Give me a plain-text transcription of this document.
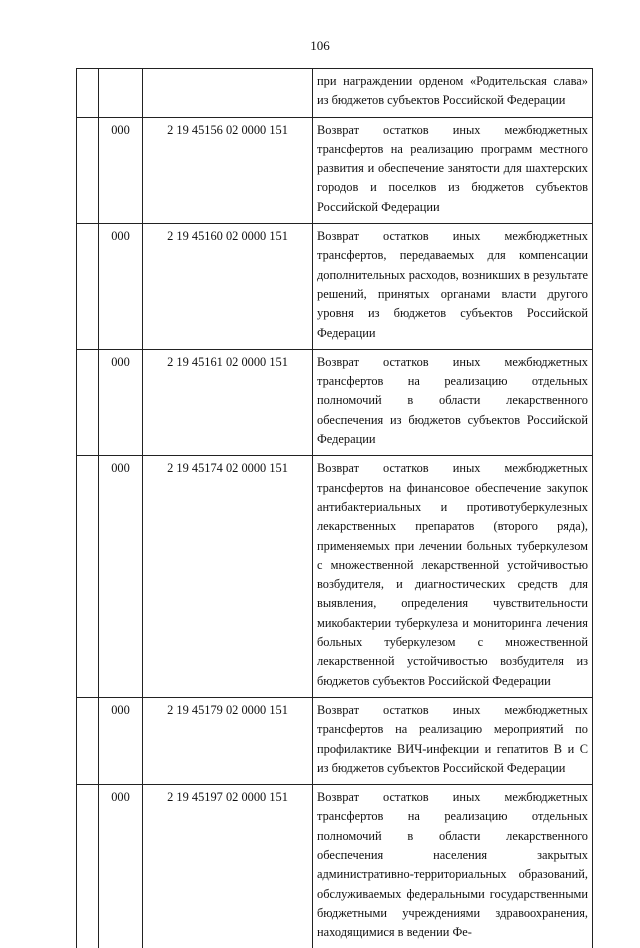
106
			при награждении орденом «Родительская слава» из бюджетов субъектов Российской Федерации
	000	2 19 45156 02 0000 151	Возврат остатков иных межбюджетных трансфертов на реализацию программ местного развития и обеспечение занятости для шахтерских городов и поселков из бюджетов субъектов Российской Федерации
	000	2 19 45160 02 0000 151	Возврат остатков иных межбюджетных трансфертов, передаваемых для компенсации дополнительных расходов, возникших в результате решений, принятых органами власти другого уровня из бюджетов субъектов Российской Федерации
	000	2 19 45161 02 0000 151	Возврат остатков иных межбюджетных трансфертов на реализацию отдельных полномочий в области лекарственного обеспечения из бюджетов субъектов Российской Федерации
	000	2 19 45174 02 0000 151	Возврат остатков иных межбюджетных трансфертов на финансовое обеспечение закупок антибактериальных и противотуберкулезных лекарственных препаратов (второго ряда), применяемых при лечении больных туберкулезом с множественной лекарственной устойчивостью возбудителя, и диагностических средств для выявления, определения чувствительности микобактерии туберкулеза и мониторинга лечения больных туберкулезом с множественной лекарственной устойчивостью возбудителя из бюджетов субъектов Российской Федерации
	000	2 19 45179 02 0000 151	Возврат остатков иных межбюджетных трансфертов на реализацию мероприятий по профилактике ВИЧ-инфекции и гепатитов B и C из бюджетов субъектов Российской Федерации
	000	2 19 45197 02 0000 151	Возврат остатков иных межбюджетных трансфертов на реализацию отдельных полномочий в области лекарственного обеспечения населения закрытых административно-территориальных образований, обслуживаемых федеральными государственными бюджетными учреждениями здравоохранения, находящимися в ведении Фе-
